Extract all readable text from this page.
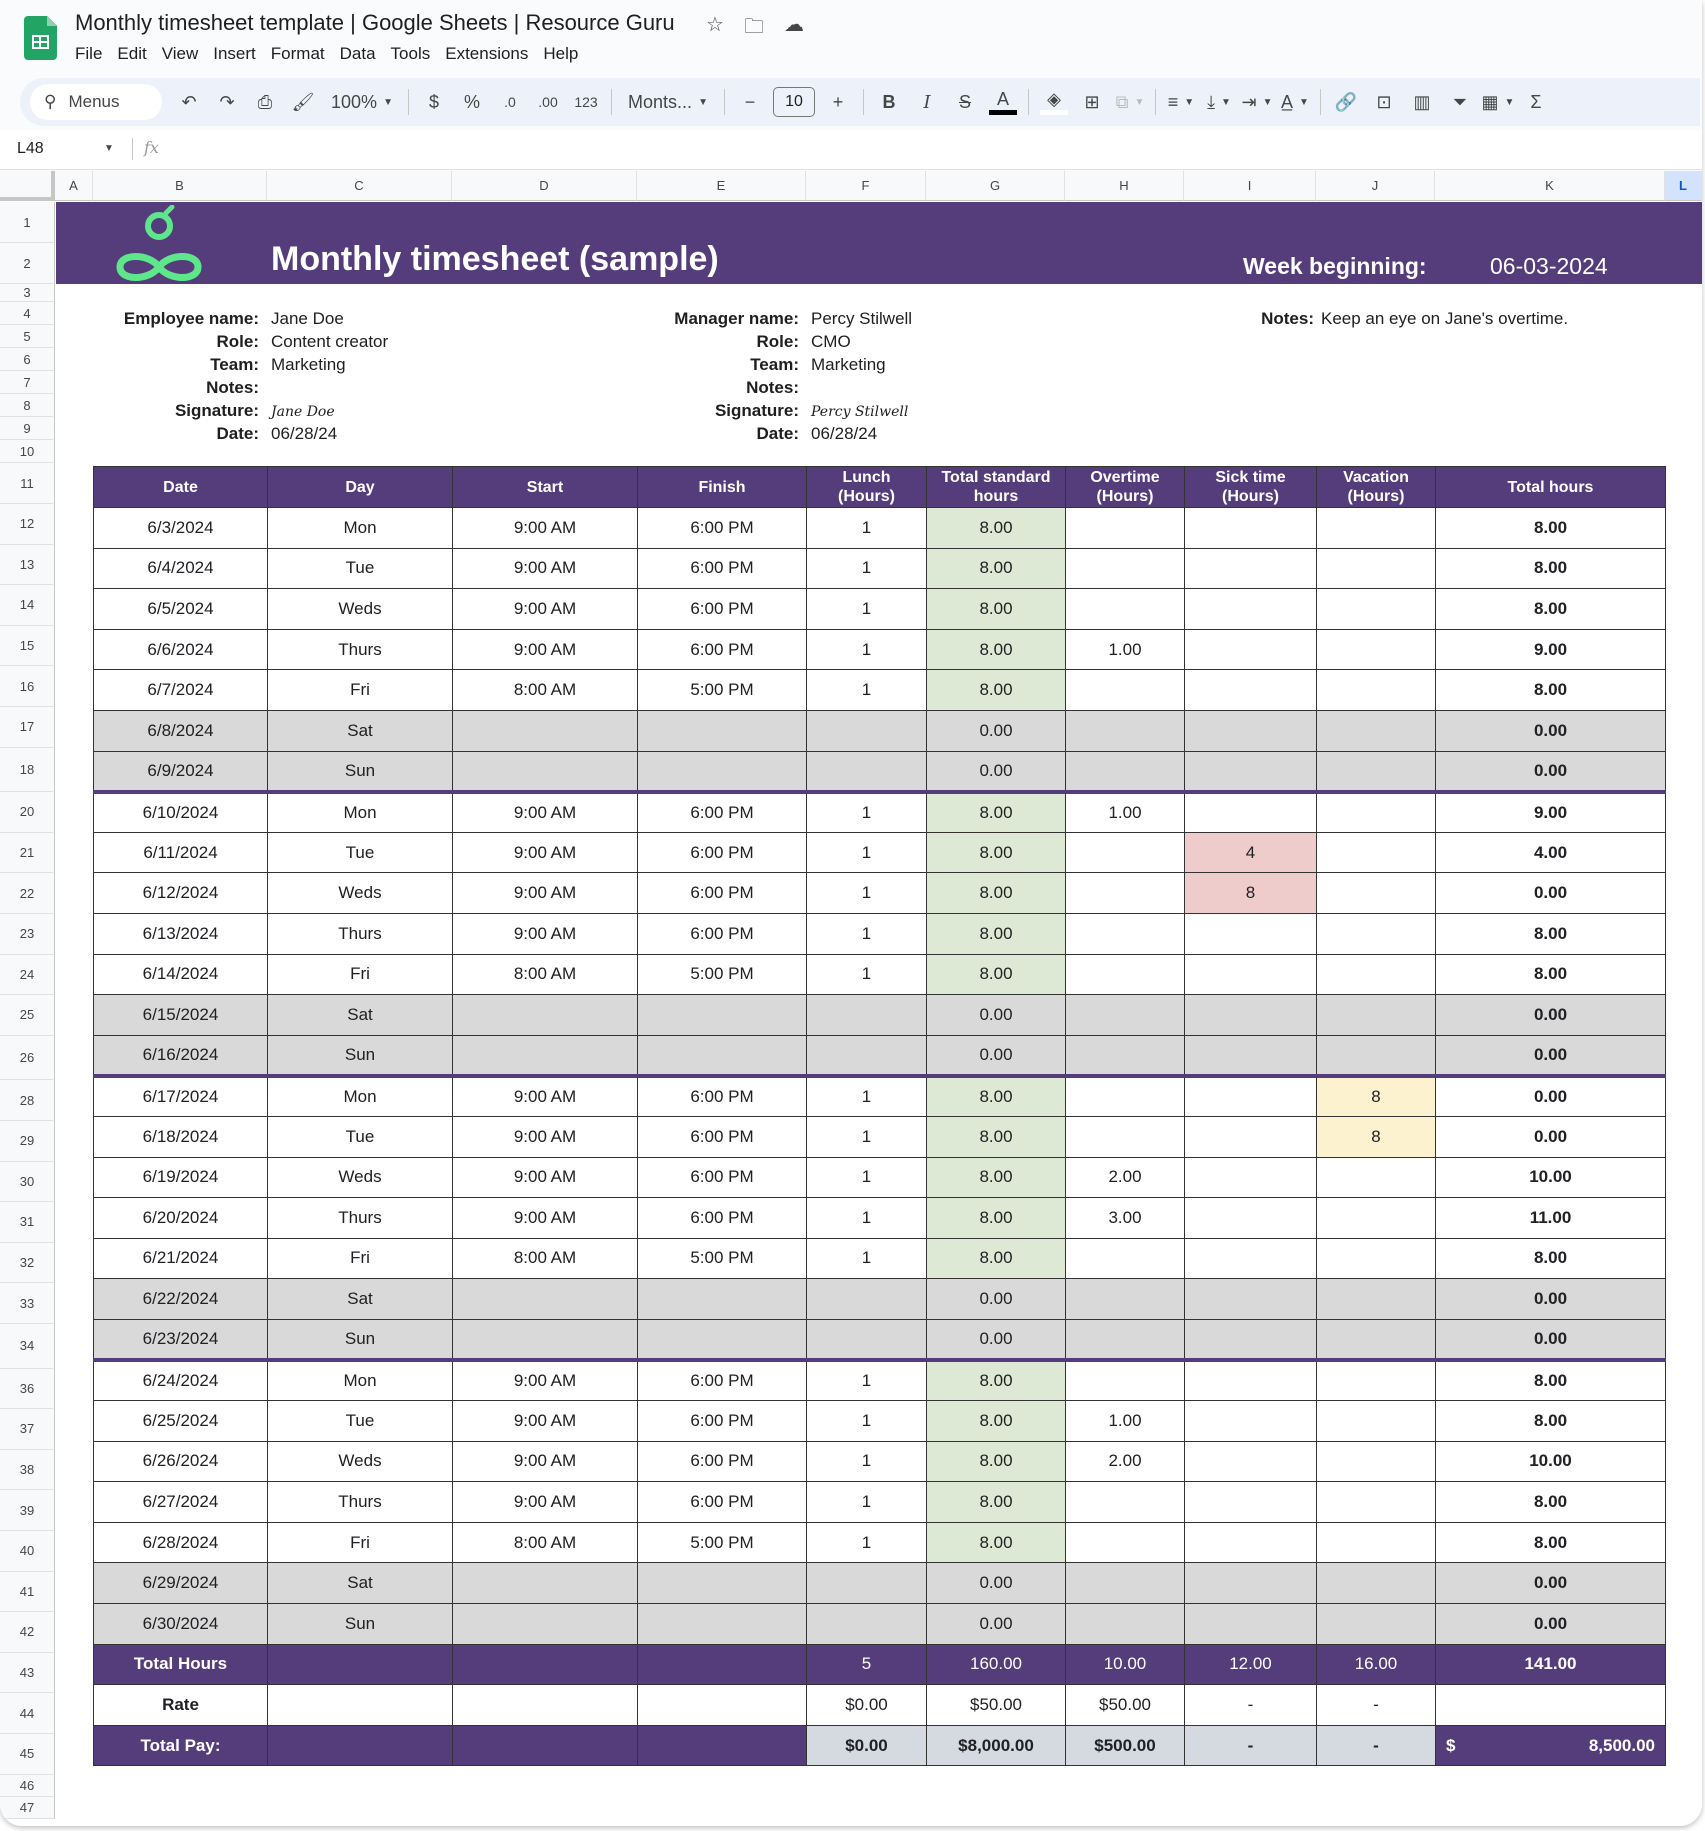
Monthly timesheet template | Google Sheets | Resource Guru ☆ 🗀 ☁
File Edit View Insert Format Data Tools Extensions Help
⚲ Menus	↶	↷	⎙	🖌 100% ▼	$	%	.0	.00	123	Monts... ▼	−	10	+	B	I	S	A	◈	⊞ ⧉ ▼	≡ ▼ ⤓ ▼ ⇥ ▼ A̲ ▼	🔗	⊡	▥	⏷ ▦ ▼ Σ
L48	▼ fx
A	B	C	D	E	F	G	H	I	J	K	L
1
2
3
4
5
6
7
8
9
10
11
12
13
14
15
16
17
18
20
21
22
23
24
25
26
28
29
30
31
32
33
34
36
37
38
39
40
41
42
43
44
45
46
47
Monthly timesheet (sample)	Week beginning:	06-03-2024
Employee name:
Role:
Team:
Notes:
Signature:
Date:
Jane Doe
Content creator
Marketing
Jane Doe
06/28/24
Manager name:
Role:
Team:
Notes:
Signature:
Date:
Percy Stilwell
CMO
Marketing
Percy Stilwell
06/28/24
Notes: Keep an eye on Jane's overtime.
Date	Day	Start	Finish	Lunch
(Hours)	Total standard
hours	Overtime
(Hours)	Sick time
(Hours)	Vacation
(Hours)	Total hours
6/3/2024	Mon	9:00 AM	6:00 PM	1	8.00				8.00
6/4/2024	Tue	9:00 AM	6:00 PM	1	8.00				8.00
6/5/2024	Weds	9:00 AM	6:00 PM	1	8.00				8.00
6/6/2024	Thurs	9:00 AM	6:00 PM	1	8.00	1.00			9.00
6/7/2024	Fri	8:00 AM	5:00 PM	1	8.00				8.00
6/8/2024	Sat				0.00				0.00
6/9/2024	Sun				0.00				0.00
6/10/2024	Mon	9:00 AM	6:00 PM	1	8.00	1.00			9.00
6/11/2024	Tue	9:00 AM	6:00 PM	1	8.00		4		4.00
6/12/2024	Weds	9:00 AM	6:00 PM	1	8.00		8		0.00
6/13/2024	Thurs	9:00 AM	6:00 PM	1	8.00				8.00
6/14/2024	Fri	8:00 AM	5:00 PM	1	8.00				8.00
6/15/2024	Sat				0.00				0.00
6/16/2024	Sun				0.00				0.00
6/17/2024	Mon	9:00 AM	6:00 PM	1	8.00			8	0.00
6/18/2024	Tue	9:00 AM	6:00 PM	1	8.00			8	0.00
6/19/2024	Weds	9:00 AM	6:00 PM	1	8.00	2.00			10.00
6/20/2024	Thurs	9:00 AM	6:00 PM	1	8.00	3.00			11.00
6/21/2024	Fri	8:00 AM	5:00 PM	1	8.00				8.00
6/22/2024	Sat				0.00				0.00
6/23/2024	Sun				0.00				0.00
6/24/2024	Mon	9:00 AM	6:00 PM	1	8.00				8.00
6/25/2024	Tue	9:00 AM	6:00 PM	1	8.00	1.00			8.00
6/26/2024	Weds	9:00 AM	6:00 PM	1	8.00	2.00			10.00
6/27/2024	Thurs	9:00 AM	6:00 PM	1	8.00				8.00
6/28/2024	Fri	8:00 AM	5:00 PM	1	8.00				8.00
6/29/2024	Sat				0.00				0.00
6/30/2024	Sun				0.00				0.00
Total Hours				5	160.00	10.00	12.00	16.00	141.00
Rate				$0.00	$50.00	$50.00	-	-	
Total Pay:				$0.00	$8,000.00	$500.00	-	-	$ 8,500.00
